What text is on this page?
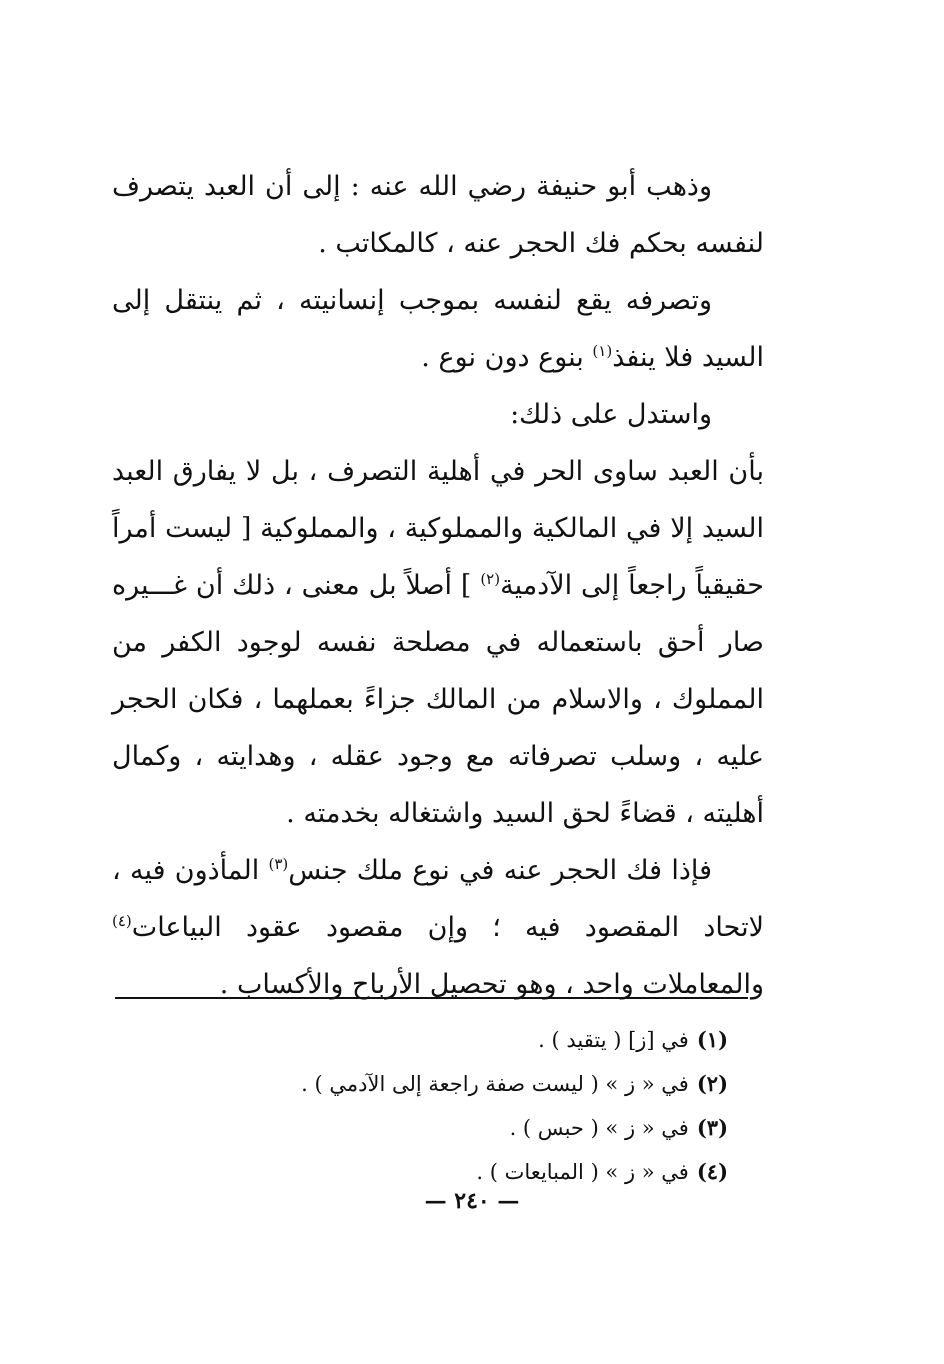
وذهب أبو حنيفة رضي الله عنه : إلى أن العبد يتصرف لنفسه بحكم فك الحجر عنه ، كالمكاتب .

وتصرفه يقع لنفسه بموجب إنسانيته ، ثم ينتقل إلى السيد فلا ينفذ$^{(١)}$ بنوع دون نوع .

واستدل على ذلك:

بأن العبد ساوى الحر في أهلية التصرف ، بل لا يفارق العبد السيد إلا في المالكية والمملوكية ، والمملوكية [ ليست أمراً حقيقياً راجعاً إلى الآدمية$^{(٢)}$ ] أصلاً بل معنى ، ذلك أن غـــيره صار أحق باستعماله في مصلحة نفسه لوجود الكفر من المملوك ، والاسلام من المالك جزاءً بعملهما ، فكان الحجر عليه ، وسلب تصرفاته مع وجود عقله ، وهدايته ، وكمال أهليته ، قضاءً لحق السيد واشتغاله بخدمته .

فإذا فك الحجر عنه في نوع ملك جنس$^{(٣)}$ المأذون فيه ، لاتحاد المقصود فيه ؛ وإن مقصود عقود البياعات$^{(٤)}$ والمعاملات واحد ، وهو تحصيل الأرباح والأكساب .

(١)في [ز] ( يتقيد ) .
(٢)في « ز » ( ليست صفة راجعة إلى الآدمي ) .
(٣)في « ز » ( حبس ) .
(٤)في « ز » ( المبايعات ) .
— ٢٤٠ —
